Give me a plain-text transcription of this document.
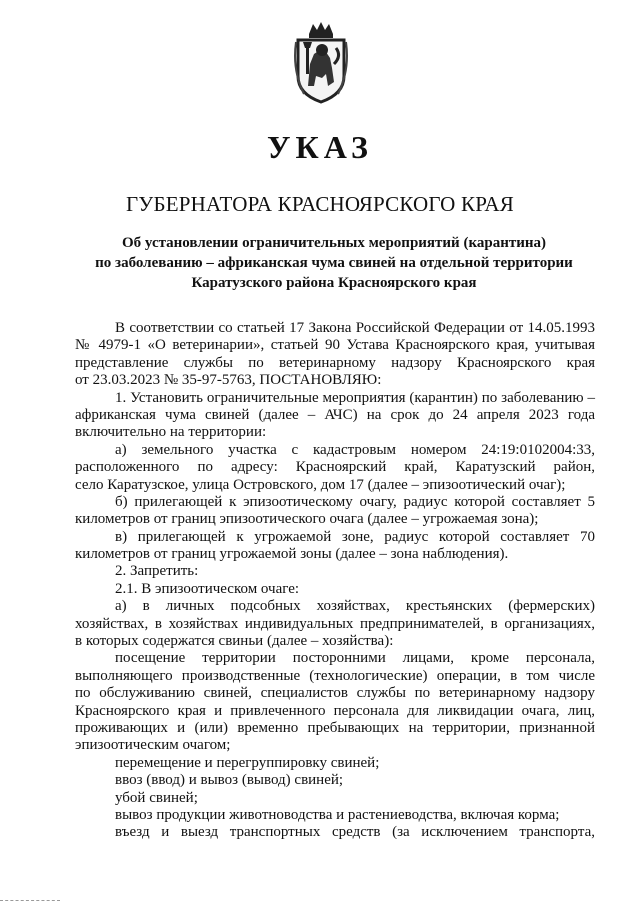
УКАЗ
ГУБЕРНАТОРА КРАСНОЯРСКОГО КРАЯ
Об установлении ограничительных мероприятий (карантина)
по заболеванию – африканская чума свиней на отдельной территории
Каратузского района Красноярского края
В соответствии со статьей 17 Закона Российской Федерации от 14.05.1993
№ 4979-1 «О ветеринарии», статьей 90 Устава Красноярского края, учитывая
представление службы по ветеринарному надзору Красноярского края
от 23.03.2023 № 35-97-5763, ПОСТАНОВЛЯЮ:
1. Установить ограничительные мероприятия (карантин) по заболеванию –
африканская чума свиней (далее – АЧС) на срок до 24 апреля 2023 года
включительно на территории:
а) земельного участка с кадастровым номером 24:19:0102004:33,
расположенного по адресу: Красноярский край, Каратузский район,
село Каратузское, улица Островского, дом 17 (далее – эпизоотический очаг);
б) прилегающей к эпизоотическому очагу, радиус которой составляет 5
километров от границ эпизоотического очага (далее – угрожаемая зона);
в) прилегающей к угрожаемой зоне, радиус которой составляет 70
километров от границ угрожаемой зоны (далее – зона наблюдения).
2. Запретить:
2.1. В эпизоотическом очаге:
а) в личных подсобных хозяйствах, крестьянских (фермерских)
хозяйствах, в хозяйствах индивидуальных предпринимателей, в организациях,
в которых содержатся свиньи (далее – хозяйства):
посещение территории посторонними лицами, кроме персонала,
выполняющего производственные (технологические) операции, в том числе
по обслуживанию свиней, специалистов службы по ветеринарному надзору
Красноярского края и привлеченного персонала для ликвидации очага, лиц,
проживающих и (или) временно пребывающих на территории, признанной
эпизоотическим очагом;
перемещение и перегруппировку свиней;
ввоз (ввод) и вывоз (вывод) свиней;
убой свиней;
вывоз продукции животноводства и растениеводства, включая корма;
въезд и выезд транспортных средств (за исключением транспорта,
